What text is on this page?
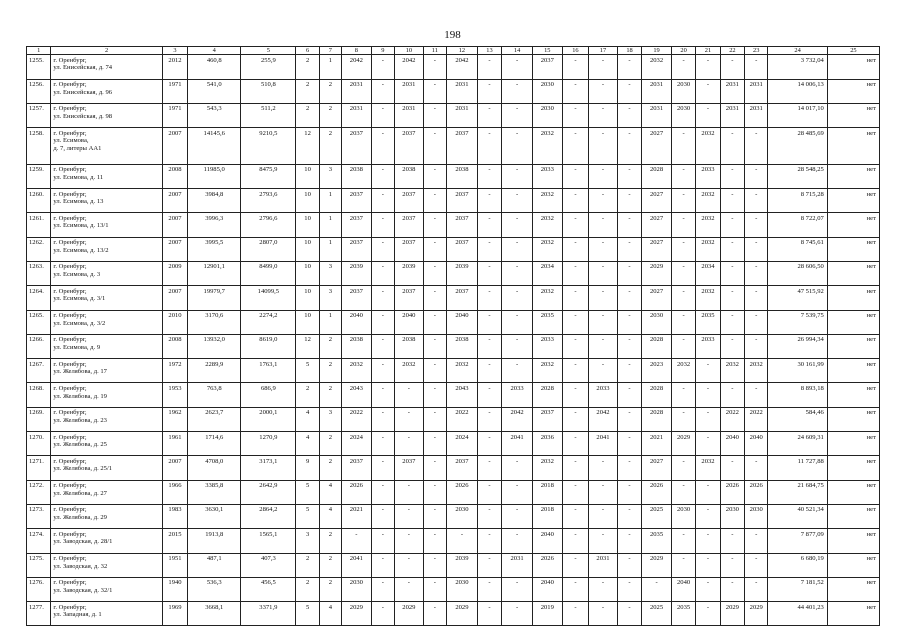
198
1	2	3	4	5	6	7	8	9	10	11	12	13	14	15	16	17	18	19	20	21	22	23	24	25
1255.	г. Оренбург,
ул. Енисейская, д. 74	2012	460,8	255,9	2	1	2042	-	2042	-	2042	-	-	2037	-	-	-	2032	-	-	-	-	3 732,04	нет
1256.	г. Оренбург,
ул. Енисейская, д. 96	1971	541,0	510,8	2	2	2031	-	2031	-	2031	-	-	2030	-	-	-	2031	2030	-	2031	2031	14 006,13	нет
1257.	г. Оренбург,
ул. Енисейская, д. 98	1971	543,3	511,2	2	2	2031	-	2031	-	2031	-	-	2030	-	-	-	2031	2030	-	2031	2031	14 017,10	нет
1258.	г. Оренбург,
ул. Есимова,
д. 7, литеры АА1	2007	14145,6	9210,5	12	2	2037	-	2037	-	2037	-	-	2032	-	-	-	2027	-	2032	-	-	28 485,69	нет
1259.	г. Оренбург,
ул. Есимова, д. 11	2008	11985,0	8475,9	10	3	2038	-	2038	-	2038	-	-	2033	-	-	-	2028	-	2033	-	-	28 548,25	нет
1260.	г. Оренбург,
ул. Есимова, д. 13	2007	3984,8	2793,6	10	1	2037	-	2037	-	2037	-	-	2032	-	-	-	2027	-	2032	-	-	8 715,28	нет
1261.	г. Оренбург,
ул. Есимова, д. 13/1	2007	3996,3	2796,6	10	1	2037	-	2037	-	2037	-	-	2032	-	-	-	2027	-	2032	-	-	8 722,07	нет
1262.	г. Оренбург,
ул. Есимова, д. 13/2	2007	3995,5	2807,0	10	1	2037	-	2037	-	2037	-	-	2032	-	-	-	2027	-	2032	-	-	8 745,61	нет
1263.	г. Оренбург,
ул. Есимова, д. 3	2009	12901,1	8499,0	10	3	2039	-	2039	-	2039	-	-	2034	-	-	-	2029	-	2034	-	-	28 606,50	нет
1264.	г. Оренбург,
ул. Есимова, д. 3/1	2007	19979,7	14099,5	10	3	2037	-	2037	-	2037	-	-	2032	-	-	-	2027	-	2032	-	-	47 515,92	нет
1265.	г. Оренбург,
ул. Есимова, д. 3/2	2010	3170,6	2274,2	10	1	2040	-	2040	-	2040	-	-	2035	-	-	-	2030	-	2035	-	-	7 539,75	нет
1266.	г. Оренбург,
ул. Есимова, д. 9	2008	13932,0	8619,0	12	2	2038	-	2038	-	2038	-	-	2033	-	-	-	2028	-	2033	-	-	26 994,34	нет
1267.	г. Оренбург,
ул. Желябова, д. 17	1972	2289,9	1763,1	5	2	2032	-	2032	-	2032	-	-	2032	-	-	-	2023	2032	-	2032	2032	30 161,99	нет
1268.	г. Оренбург,
ул. Желябова, д. 19	1953	763,8	686,9	2	2	2043	-	-	-	2043	-	2033	2028	-	2033	-	2028	-	-	-	-	8 893,18	нет
1269.	г. Оренбург,
ул. Желябова, д. 23	1962	2623,7	2000,1	4	3	2022	-	-	-	2022	-	2042	2037	-	2042	-	2028	-	-	2022	2022	584,46	нет
1270.	г. Оренбург,
ул. Желябова, д. 25	1961	1714,6	1270,9	4	2	2024	-	-	-	2024	-	2041	2036	-	2041	-	2021	2029	-	2040	2040	24 609,31	нет
1271.	г. Оренбург,
ул. Желябова, д. 25/1	2007	4708,0	3173,1	9	2	2037	-	2037	-	2037	-	-	2032	-	-	-	2027	-	2032	-	-	11 727,88	нет
1272.	г. Оренбург,
ул. Желябова, д. 27	1966	3385,8	2642,9	5	4	2026	-	-	-	2026	-	-	2018	-	-	-	2026	-	-	2026	2026	21 684,75	нет
1273.	г. Оренбург,
ул. Желябова, д. 29	1983	3630,1	2864,2	5	4	2021	-	-	-	2030	-	-	2018	-	-	-	2025	2030	-	2030	2030	40 521,34	нет
1274.	г. Оренбург,
ул. Заводская, д. 28/1	2015	1913,8	1565,1	3	2	-	-	-	-	-	-	-	2040	-	-	-	2035	-	-	-	-	7 877,09	нет
1275.	г. Оренбург,
ул. Заводская, д. 32	1951	487,1	407,3	2	2	2041	-	-	-	2039	-	2031	2026	-	2031	-	2029	-	-	-	-	6 680,19	нет
1276.	г. Оренбург,
ул. Заводская, д. 32/1	1940	536,3	456,5	2	2	2030	-	-	-	2030	-	-	2040	-	-	-	-	2040	-	-	-	7 181,52	нет
1277.	г. Оренбург,
ул. Западная, д. 1	1969	3668,1	3371,9	5	4	2029	-	2029	-	2029	-	-	2019	-	-	-	2025	2035	-	2029	2029	44 401,23	нет
